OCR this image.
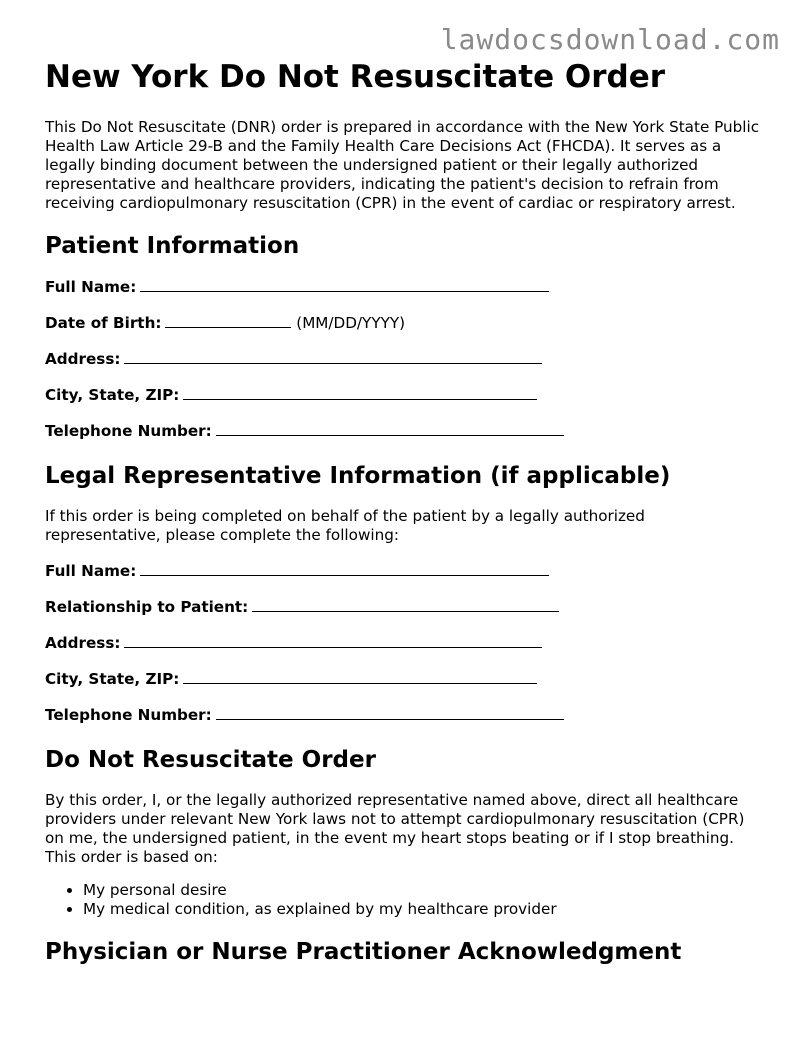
lawdocsdownload.com
New York Do Not Resuscitate Order

This Do Not Resuscitate (DNR) order is prepared in accordance with the New York State Public Health Law Article 29-B and the Family Health Care Decisions Act (FHCDA). It serves as a legally binding document between the undersigned patient or their legally authorized representative and healthcare providers, indicating the patient's decision to refrain from receiving cardiopulmonary resuscitation (CPR) in the event of cardiac or respiratory arrest.

Patient Information
Full Name:
Date of Birth:	(MM/DD/YYYY)
Address:
City, State, ZIP:
Telephone Number:
Legal Representative Information (if applicable)

If this order is being completed on behalf of the patient by a legally authorized representative, please complete the following:

Full Name:
Relationship to Patient:
Address:
City, State, ZIP:
Telephone Number:
Do Not Resuscitate Order

By this order, I, or the legally authorized representative named above, direct all healthcare providers under relevant New York laws not to attempt cardiopulmonary resuscitation (CPR) on me, the undersigned patient, in the event my heart stops beating or if I stop breathing. This order is based on:

• My personal desire
• My medical condition, as explained by my healthcare provider
Physician or Nurse Practitioner Acknowledgment
